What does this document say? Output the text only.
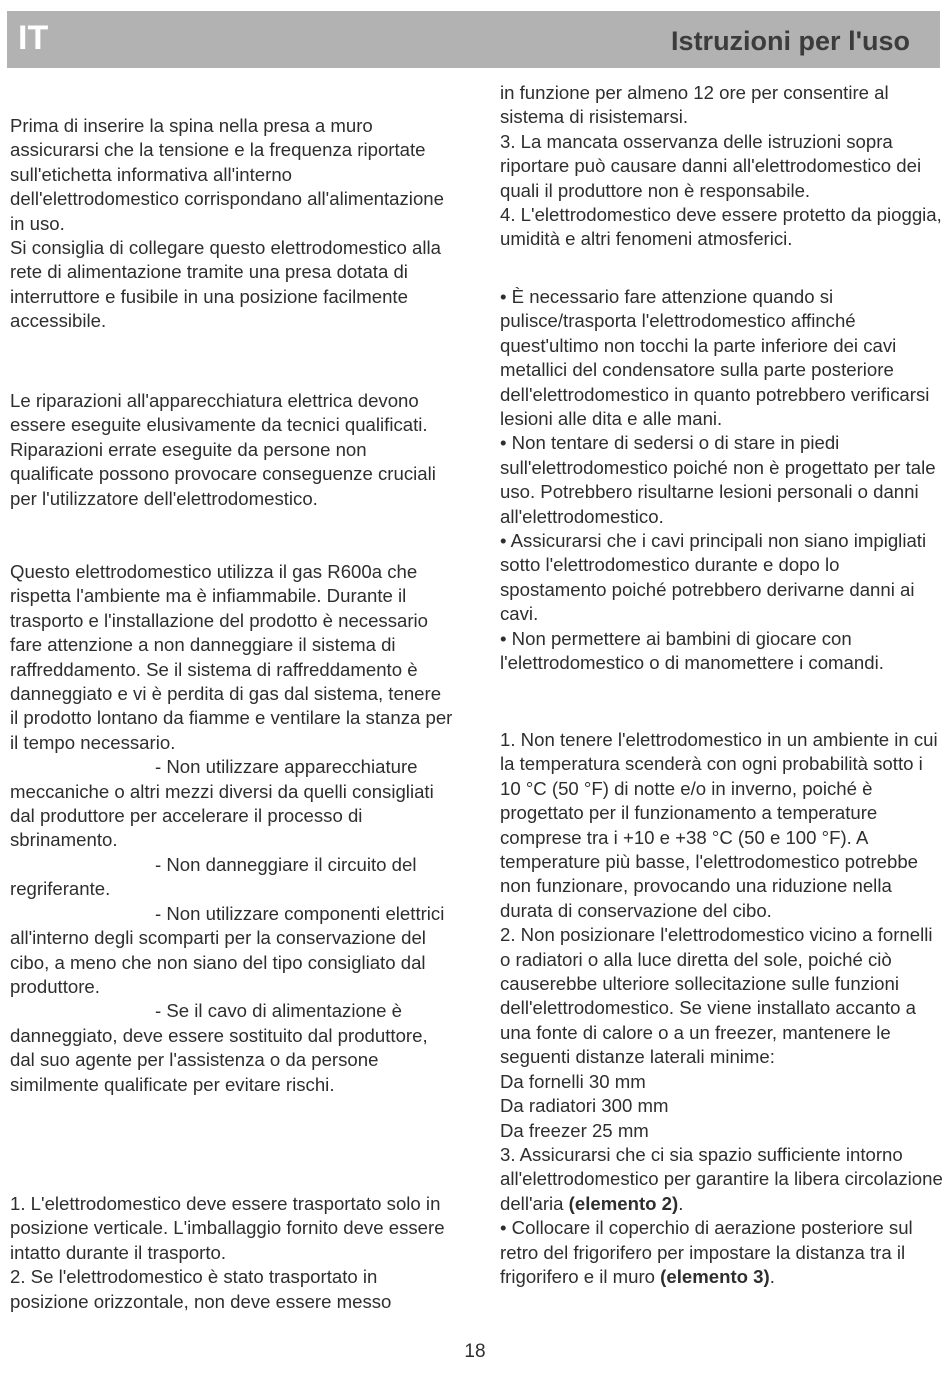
IT	Istruzioni per l'uso

Prima di inserire la spina nella presa a muro assicurarsi che la tensione e la frequenza riportate sull'etichetta informativa all'interno dell'elettrodomestico corrispondano all'alimentazione in uso.

Si consiglia di collegare questo elettrodomestico alla rete di alimentazione tramite una presa dotata di interruttore e fusibile in una posizione facilmente accessibile.

Le riparazioni all'apparecchiatura elettrica devono essere eseguite elusivamente da tecnici qualificati. Riparazioni errate eseguite da persone non qualificate possono provocare conseguenze cruciali per l'utilizzatore dell'elettrodomestico.

Questo elettrodomestico utilizza il gas R600a che rispetta l'ambiente ma è infiammabile. Durante il trasporto e l'installazione del prodotto è necessario fare attenzione a non danneggiare il sistema di raffreddamento. Se il sistema di raffreddamento è danneggiato e vi è perdita di gas dal sistema, tenere il prodotto lontano da fiamme e ventilare la stanza per il tempo necessario.

- Non utilizzare apparecchiature meccaniche o altri mezzi diversi da quelli consigliati dal produttore per accelerare il processo di sbrinamento.

- Non danneggiare il circuito del regriferante.

- Non utilizzare componenti elettrici all'interno degli scomparti per la conservazione del cibo, a meno che non siano del tipo consigliato dal produttore.

- Se il cavo di alimentazione è danneggiato, deve essere sostituito dal produttore, dal suo agente per l'assistenza o da persone similmente qualificate per evitare rischi.

1. L'elettrodomestico deve essere trasportato solo in posizione verticale. L'imballaggio fornito deve essere intatto durante il trasporto.

2. Se l'elettrodomestico è stato trasportato in posizione orizzontale, non deve essere messo

in funzione per almeno 12 ore per consentire al sistema di risistemarsi.

3. La mancata osservanza delle istruzioni sopra riportare può causare danni all'elettrodomestico dei quali il produttore non è responsabile.

4. L'elettrodomestico deve essere protetto da pioggia, umidità e altri fenomeni atmosferici.

• È necessario fare attenzione quando si pulisce/trasporta l'elettrodomestico affinché quest'ultimo non tocchi la parte inferiore dei cavi metallici del condensatore sulla parte posteriore dell'elettrodomestico in quanto potrebbero verificarsi lesioni alle dita e alle mani.

• Non tentare di sedersi o di stare in piedi sull'elettrodomestico poiché non è progettato per tale uso. Potrebbero risultarne lesioni personali o danni all'elettrodomestico.

• Assicurarsi che i cavi principali non siano impigliati sotto l'elettrodomestico durante e dopo lo spostamento poiché potrebbero derivarne danni ai cavi.

• Non permettere ai bambini di giocare con l'elettrodomestico o di manomettere i comandi.

1. Non tenere l'elettrodomestico in un ambiente in cui la temperatura scenderà con ogni probabilità sotto i 10 °C (50 °F) di notte e/o in inverno, poiché è progettato per il funzionamento a temperature comprese tra i +10 e +38 °C (50 e 100 °F). A temperature più basse, l'elettrodomestico potrebbe non funzionare, provocando una riduzione nella durata di conservazione del cibo.

2. Non posizionare l'elettrodomestico vicino a fornelli o radiatori o alla luce diretta del sole, poiché ciò causerebbe ulteriore sollecitazione sulle funzioni dell'elettrodomestico. Se viene installato accanto a una fonte di calore o a un freezer, mantenere le seguenti distanze laterali minime:

Da fornelli 30 mm

Da radiatori 300 mm

Da freezer 25 mm

3. Assicurarsi che ci sia spazio sufficiente intorno all'elettrodomestico per garantire la libera circolazione dell'aria (elemento 2).

• Collocare il coperchio di aerazione posteriore sul retro del frigorifero per impostare la distanza tra il frigorifero e il muro (elemento 3).

18
